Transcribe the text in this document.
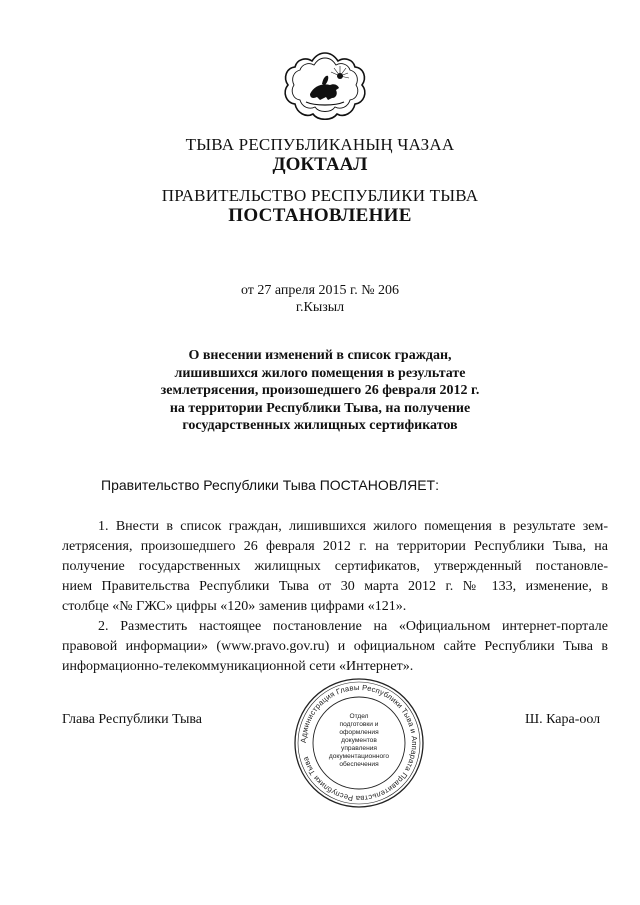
ТЫВА РЕСПУБЛИКАНЫҢ ЧАЗАА
ДОКТААЛ
ПРАВИТЕЛЬСТВО РЕСПУБЛИКИ ТЫВА
ПОСТАНОВЛЕНИЕ
от 27 апреля 2015 г. № 206
г.Кызыл
О внесении изменений в список граждан,
лишившихся жилого помещения в результате
землетрясения, произошедшего 26 февраля 2012 г.
на территории Республики Тыва, на получение
государственных жилищных сертификатов
Правительство Республики Тыва ПОСТАНОВЛЯЕТ:
1. Внести в список граждан, лишившихся жилого помещения в результате зем-
летрясения, произошедшего 26 февраля 2012 г. на территории Республики Тыва, на
получение государственных жилищных сертификатов, утвержденный постановле-
нием Правительства Республики Тыва от 30 марта 2012 г. № 133, изменение, в
столбце «№ ГЖС» цифры «120» заменив цифрами «121».
2. Разместить настоящее постановление на «Официальном интернет-портале
правовой информации» (www.pravo.gov.ru) и официальном сайте Республики Тыва в
информационно-телекоммуникационной сети «Интернет».
Глава Республики Тыва	Ш. Кара-оол
Администрация Главы Республики Тыва и Аппарата Правительства Республики Тыва
Отдел
подготовки и
оформления документов
управления
документационного
обеспечения
